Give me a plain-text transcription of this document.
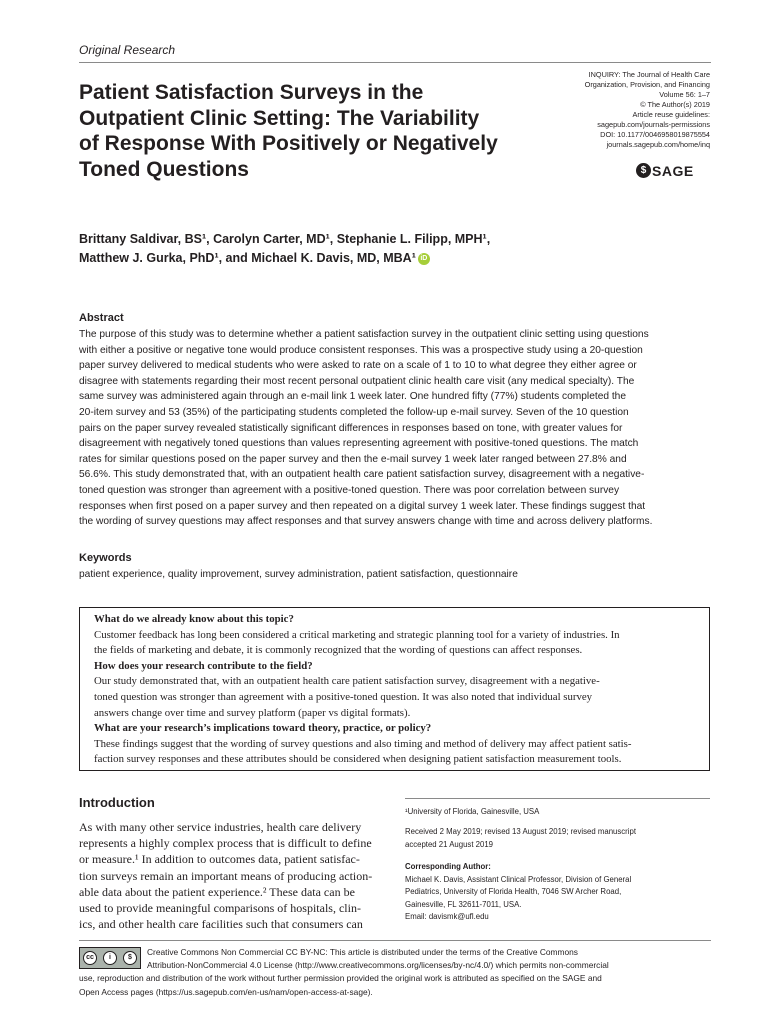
Original Research
Patient Satisfaction Surveys in the
Outpatient Clinic Setting: The Variability
of Response With Positively or Negatively
Toned Questions
INQUIRY: The Journal of Health Care
Organization, Provision, and Financing
Volume 56: 1–7
© The Author(s) 2019
Article reuse guidelines:
sagepub.com/journals-permissions
DOI: 10.1177/0046958019875554
journals.sagepub.com/home/inq
$ SAGE
Brittany Saldivar, BS¹, Carolyn Carter, MD¹, Stephanie L. Filipp, MPH¹,
Matthew J. Gurka, PhD¹, and Michael K. Davis, MD, MBA¹ iD
Abstract
The purpose of this study was to determine whether a patient satisfaction survey in the outpatient clinic setting using questions
with either a positive or negative tone would produce consistent responses. This was a prospective study using a 20-question
paper survey delivered to medical students who were asked to rate on a scale of 1 to 10 to what degree they either agree or
disagree with statements regarding their most recent personal outpatient clinic health care visit (any medical specialty). The
same survey was administered again through an e-mail link 1 week later. One hundred fifty (77%) students completed the
20-item survey and 53 (35%) of the participating students completed the follow-up e-mail survey. Seven of the 10 question
pairs on the paper survey revealed statistically significant differences in responses based on tone, with greater values for
disagreement with negatively toned questions than values representing agreement with positive-toned questions. The match
rates for similar questions posed on the paper survey and then the e-mail survey 1 week later ranged between 27.8% and
56.6%. This study demonstrated that, with an outpatient health care patient satisfaction survey, disagreement with a negative-
toned question was stronger than agreement with a positive-toned question. There was poor correlation between survey
responses when first posed on a paper survey and then repeated on a digital survey 1 week later. These findings suggest that
the wording of survey questions may affect responses and that survey answers change with time and across delivery platforms.
Keywords
patient experience, quality improvement, survey administration, patient satisfaction, questionnaire
What do we already know about this topic?
Customer feedback has long been considered a critical marketing and strategic planning tool for a variety of industries. In
the fields of marketing and debate, it is commonly recognized that the wording of questions can affect responses.
How does your research contribute to the field?
Our study demonstrated that, with an outpatient health care patient satisfaction survey, disagreement with a negative-
toned question was stronger than agreement with a positive-toned question. It was also noted that individual survey
answers change over time and survey platform (paper vs digital formats).
What are your research’s implications toward theory, practice, or policy?
These findings suggest that the wording of survey questions and also timing and method of delivery may affect patient satis-
faction survey responses and these attributes should be considered when designing patient satisfaction measurement tools.
Introduction
As with many other service industries, health care delivery
represents a highly complex process that is difficult to define
or measure.¹ In addition to outcomes data, patient satisfac-
tion surveys remain an important means of producing action-
able data about the patient experience.² These data can be
used to provide meaningful comparisons of hospitals, clin-
ics, and other health care facilities such that consumers can
¹University of Florida, Gainesville, USA
Received 2 May 2019; revised 13 August 2019; revised manuscript
accepted 21 August 2019
Corresponding Author:
Michael K. Davis, Assistant Clinical Professor, Division of General
Pediatrics, University of Florida Health, 7046 SW Archer Road,
Gainesville, FL 32611-7011, USA.
Email: davismk@ufl.edu
cc	i	$
Creative Commons Non Commercial CC BY-NC: This article is distributed under the terms of the Creative Commons
Attribution-NonCommercial 4.0 License (http://www.creativecommons.org/licenses/by-nc/4.0/) which permits non-commercial
use, reproduction and distribution of the work without further permission provided the original work is attributed as specified on the SAGE and
Open Access pages (https://us.sagepub.com/en-us/nam/open-access-at-sage).
